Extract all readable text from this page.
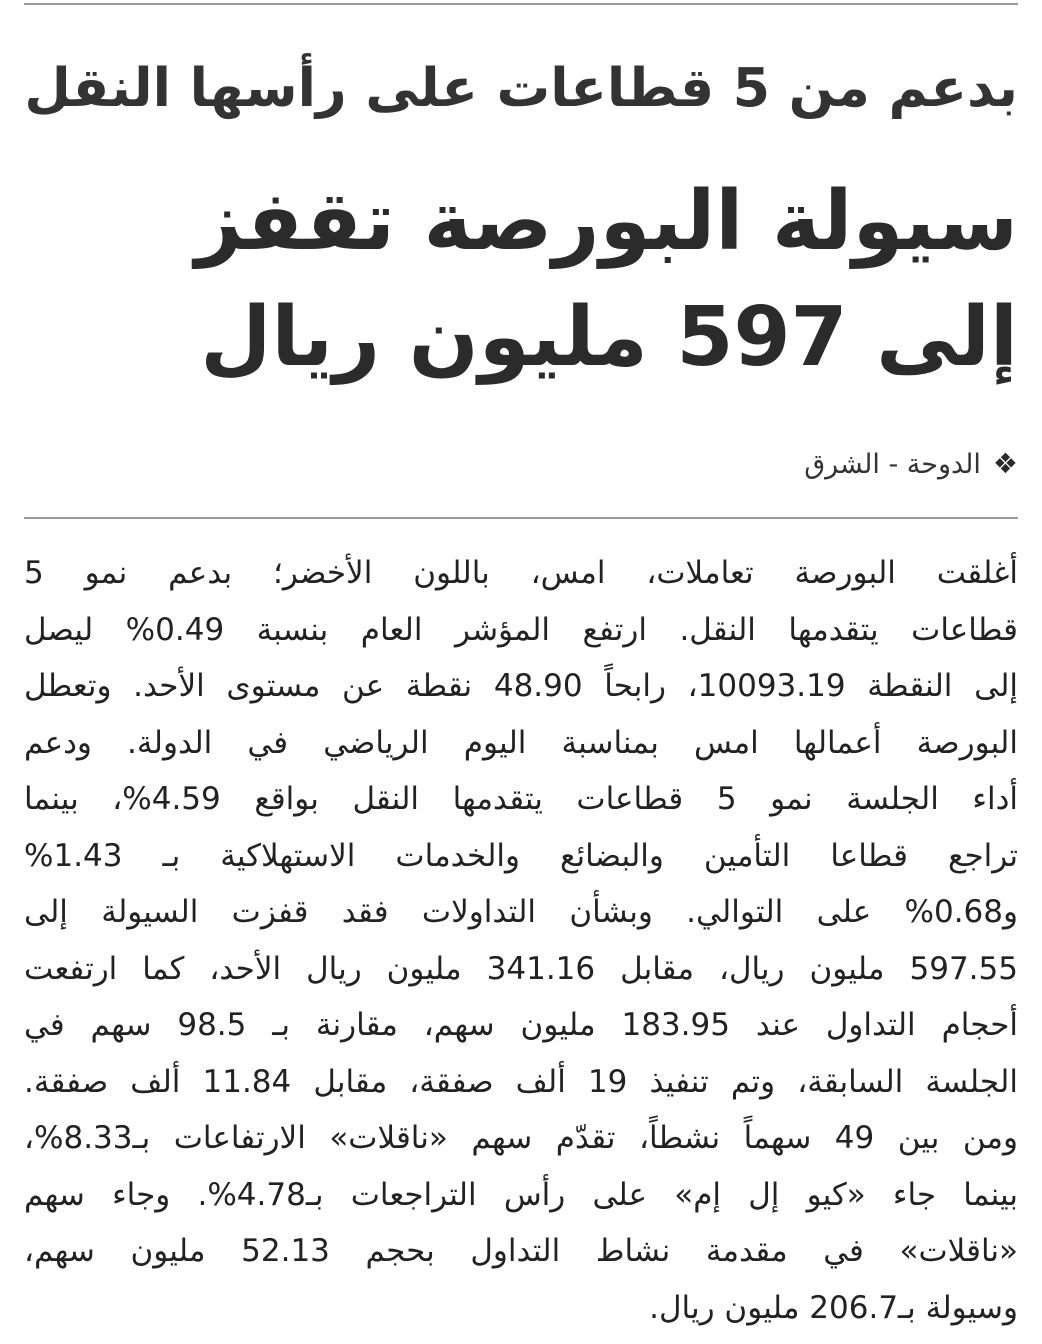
بدعم من 5 قطاعات على رأسها النقل
سيولة البورصة تقفز
إلى 597 مليون ريال
❖الدوحة - الشرق
أغلقت البورصة تعاملات، امس، باللون الأخضر؛ بدعم نمو 5
قطاعات يتقدمها النقل. ارتفع المؤشر العام بنسبة 0.49% ليصل
إلى النقطة 10093.19، رابحاً 48.90 نقطة عن مستوى الأحد. وتعطل
البورصة أعمالها امس بمناسبة اليوم الرياضي في الدولة. ودعم
أداء الجلسة نمو 5 قطاعات يتقدمها النقل بواقع 4.59%، بينما
تراجع قطاعا التأمين والبضائع والخدمات الاستهلاكية بـ 1.43%
و0.68% على التوالي. وبشأن التداولات فقد قفزت السيولة إلى
597.55 مليون ريال، مقابل 341.16 مليون ريال الأحد، كما ارتفعت
أحجام التداول عند 183.95 مليون سهم، مقارنة بـ 98.5 سهم في
الجلسة السابقة، وتم تنفيذ 19 ألف صفقة، مقابل 11.84 ألف صفقة.
ومن بين 49 سهماً نشطاً، تقدّم سهم «ناقلات» الارتفاعات بـ8.33%،
بينما جاء «كيو إل إم» على رأس التراجعات بـ4.78%. وجاء سهم
«ناقلات» في مقدمة نشاط التداول بحجم 52.13 مليون سهم،
وسيولة بـ206.7 مليون ريال.
